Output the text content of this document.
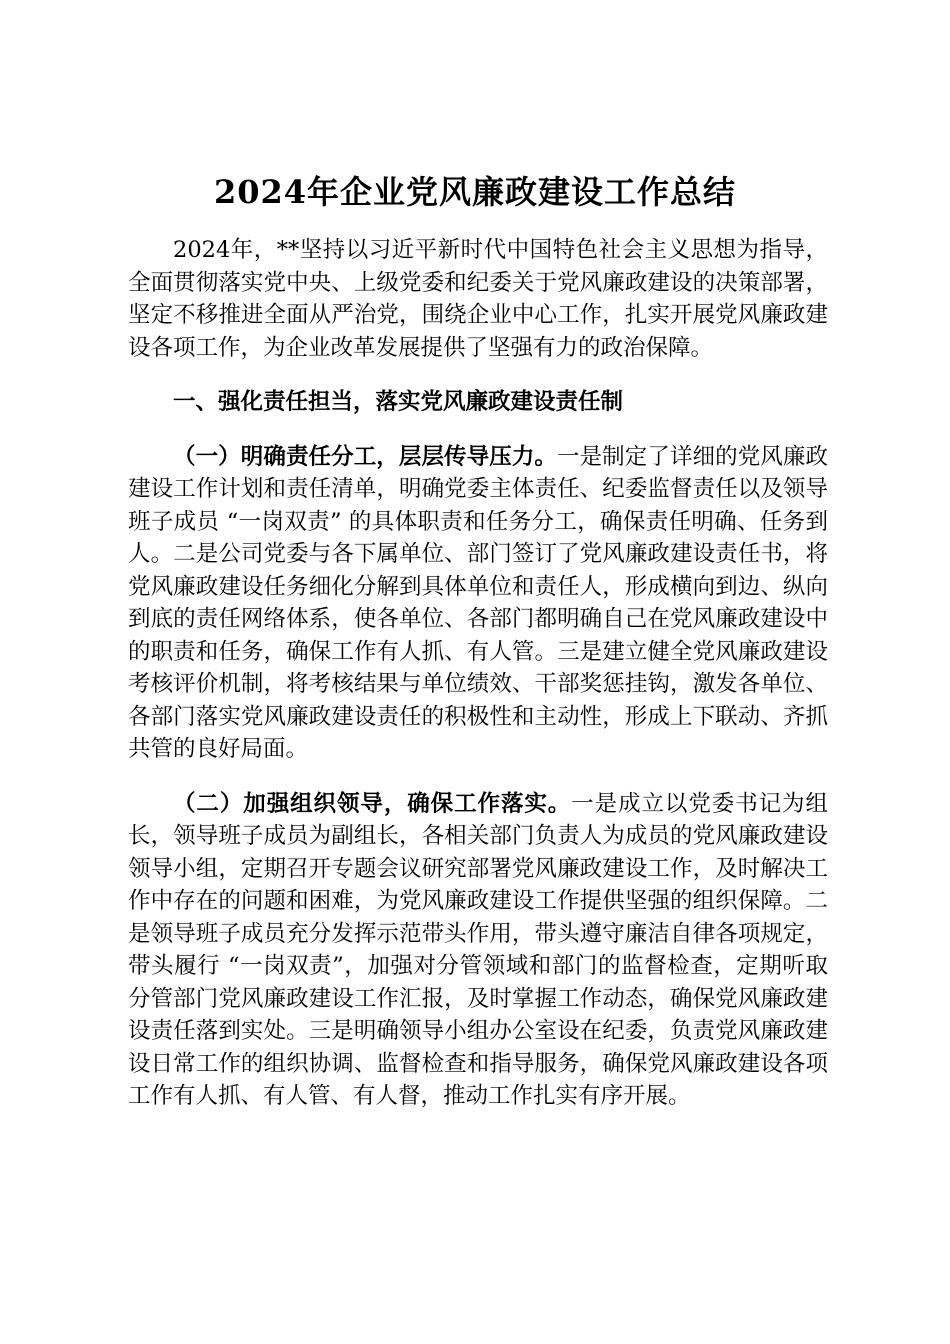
2024年企业党风廉政建设工作总结

2024年，**坚持以习近平新时代中国特色社会主义思想为指导，全面贯彻落实党中央、上级党委和纪委关于党风廉政建设的决策部署，坚定不移推进全面从严治党，围绕企业中心工作，扎实开展党风廉政建设各项工作，为企业改革发展提供了坚强有力的政治保障。

一、强化责任担当，落实党风廉政建设责任制

（一）明确责任分工，层层传导压力。一是制定了详细的党风廉政建设工作计划和责任清单，明确党委主体责任、纪委监督责任以及领导班子成员 “一岗双责” 的具体职责和任务分工，确保责任明确、任务到人。二是公司党委与各下属单位、部门签订了党风廉政建设责任书，将党风廉政建设任务细化分解到具体单位和责任人，形成横向到边、纵向到底的责任网络体系，使各单位、各部门都明确自己在党风廉政建设中的职责和任务，确保工作有人抓、有人管。三是建立健全党风廉政建设考核评价机制，将考核结果与单位绩效、干部奖惩挂钩，激发各单位、各部门落实党风廉政建设责任的积极性和主动性，形成上下联动、齐抓共管的良好局面。

（二）加强组织领导，确保工作落实。一是成立以党委书记为组长，领导班子成员为副组长，各相关部门负责人为成员的党风廉政建设领导小组，定期召开专题会议研究部署党风廉政建设工作，及时解决工作中存在的问题和困难，为党风廉政建设工作提供坚强的组织保障。二是领导班子成员充分发挥示范带头作用，带头遵守廉洁自律各项规定，带头履行 “一岗双责”，加强对分管领域和部门的监督检查，定期听取分管部门党风廉政建设工作汇报，及时掌握工作动态，确保党风廉政建设责任落到实处。三是明确领导小组办公室设在纪委，负责党风廉政建设日常工作的组织协调、监督检查和指导服务，确保党风廉政建设各项工作有人抓、有人管、有人督，推动工作扎实有序开展。
